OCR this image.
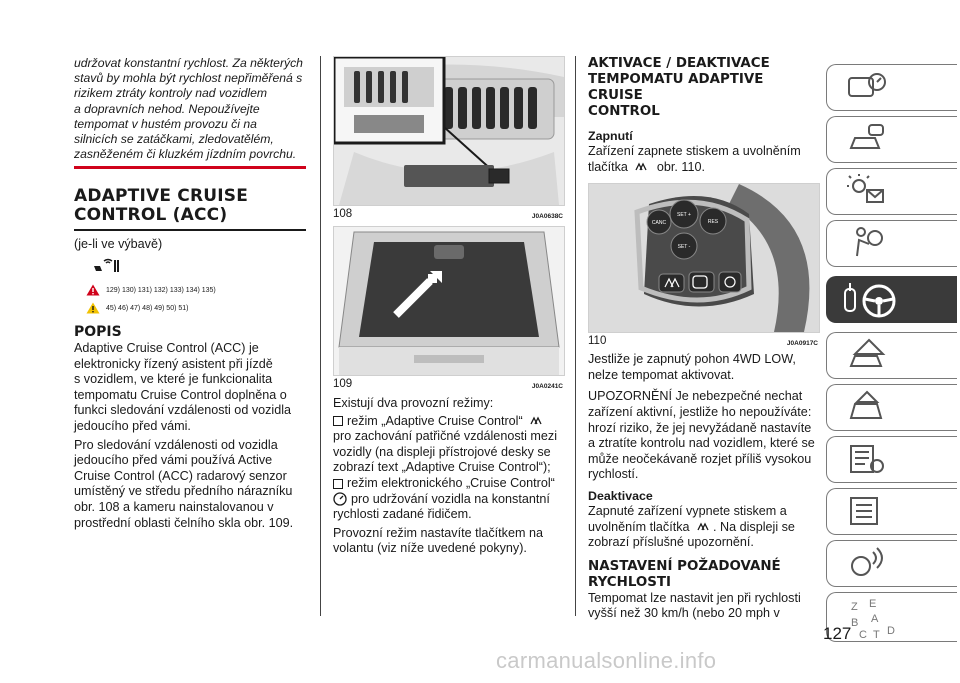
udržovat konstantní rychlost. Za některých
stavů by mohla být rychlost nepřiměřená s
rizikem ztráty kontroly nad vozidlem
a dopravních nehod. Nepoužívejte
tempomat v hustém provozu či na
silnicích se zatáčkami, zledovatělém,
zasněženém či kluzkém jízdním povrchu.
ADAPTIVE CRUISE
CONTROL (ACC)

(je-li ve výbavě)

129) 130) 131) 132) 133) 134) 135)
45) 46) 47) 48) 49) 50) 51)
POPIS

Adaptive Cruise Control (ACC) je

elektronicky řízený asistent při jízdě

s vozidlem, ve které je funkcionalita

tempomatu Cruise Control doplněna o

funkci sledování vzdálenosti od vozidla

jedoucího před vámi.

Pro sledování vzdálenosti od vozidla

jedoucího před vámi používá Active

Cruise Control (ACC) radarový senzor

umístěný ve středu předního nárazníku

obr. 108 a kameru nainstalovanou v

prostřední oblasti čelního skla obr. 109.

108	J0A0638C
109	J0A0241C

Existují dva provozní režimy:

režim „Adaptive Cruise Control“

pro zachování patřičné vzdálenosti mezi

vozidly (na displeji přístrojové desky se

zobrazí text „Adaptive Cruise Control“);

režim elektronického „Cruise Control“

pro udržování vozidla na konstantní

rychlosti zadané řidičem.

Provozní režim nastavíte tlačítkem na

volantu (viz níže uvedené pokyny).

AKTIVACE / DEAKTIVACE
TEMPOMATU ADAPTIVE CRUISE
CONTROL
Zapnutí

Zařízení zapnete stiskem a uvolněním

tlačítka obr. 110.

CANC
SET +
RES
SET -
110	J0A0917C

Jestliže je zapnutý pohon 4WD LOW,

nelze tempomat aktivovat.

UPOZORNĚNÍ Je nebezpečné nechat

zařízení aktivní, jestliže ho nepoužíváte:

hrozí riziko, že jej nevyžádaně nastavíte

a ztratíte kontrolu nad vozidlem, které se

může neočekávaně rozjet příliš vysokou

rychlostí.

Deaktivace

Zapnuté zařízení vypnete stiskem a

uvolněním tlačítka . Na displeji se

zobrazí příslušné upozornění.

NASTAVENÍ POŽADOVANÉ
RYCHLOSTI

Tempomat lze nastavit jen při rychlosti

vyšší než 30 km/h (nebo 20 mph v	Z E
B A
C T D
127
carmanualsonline.info
